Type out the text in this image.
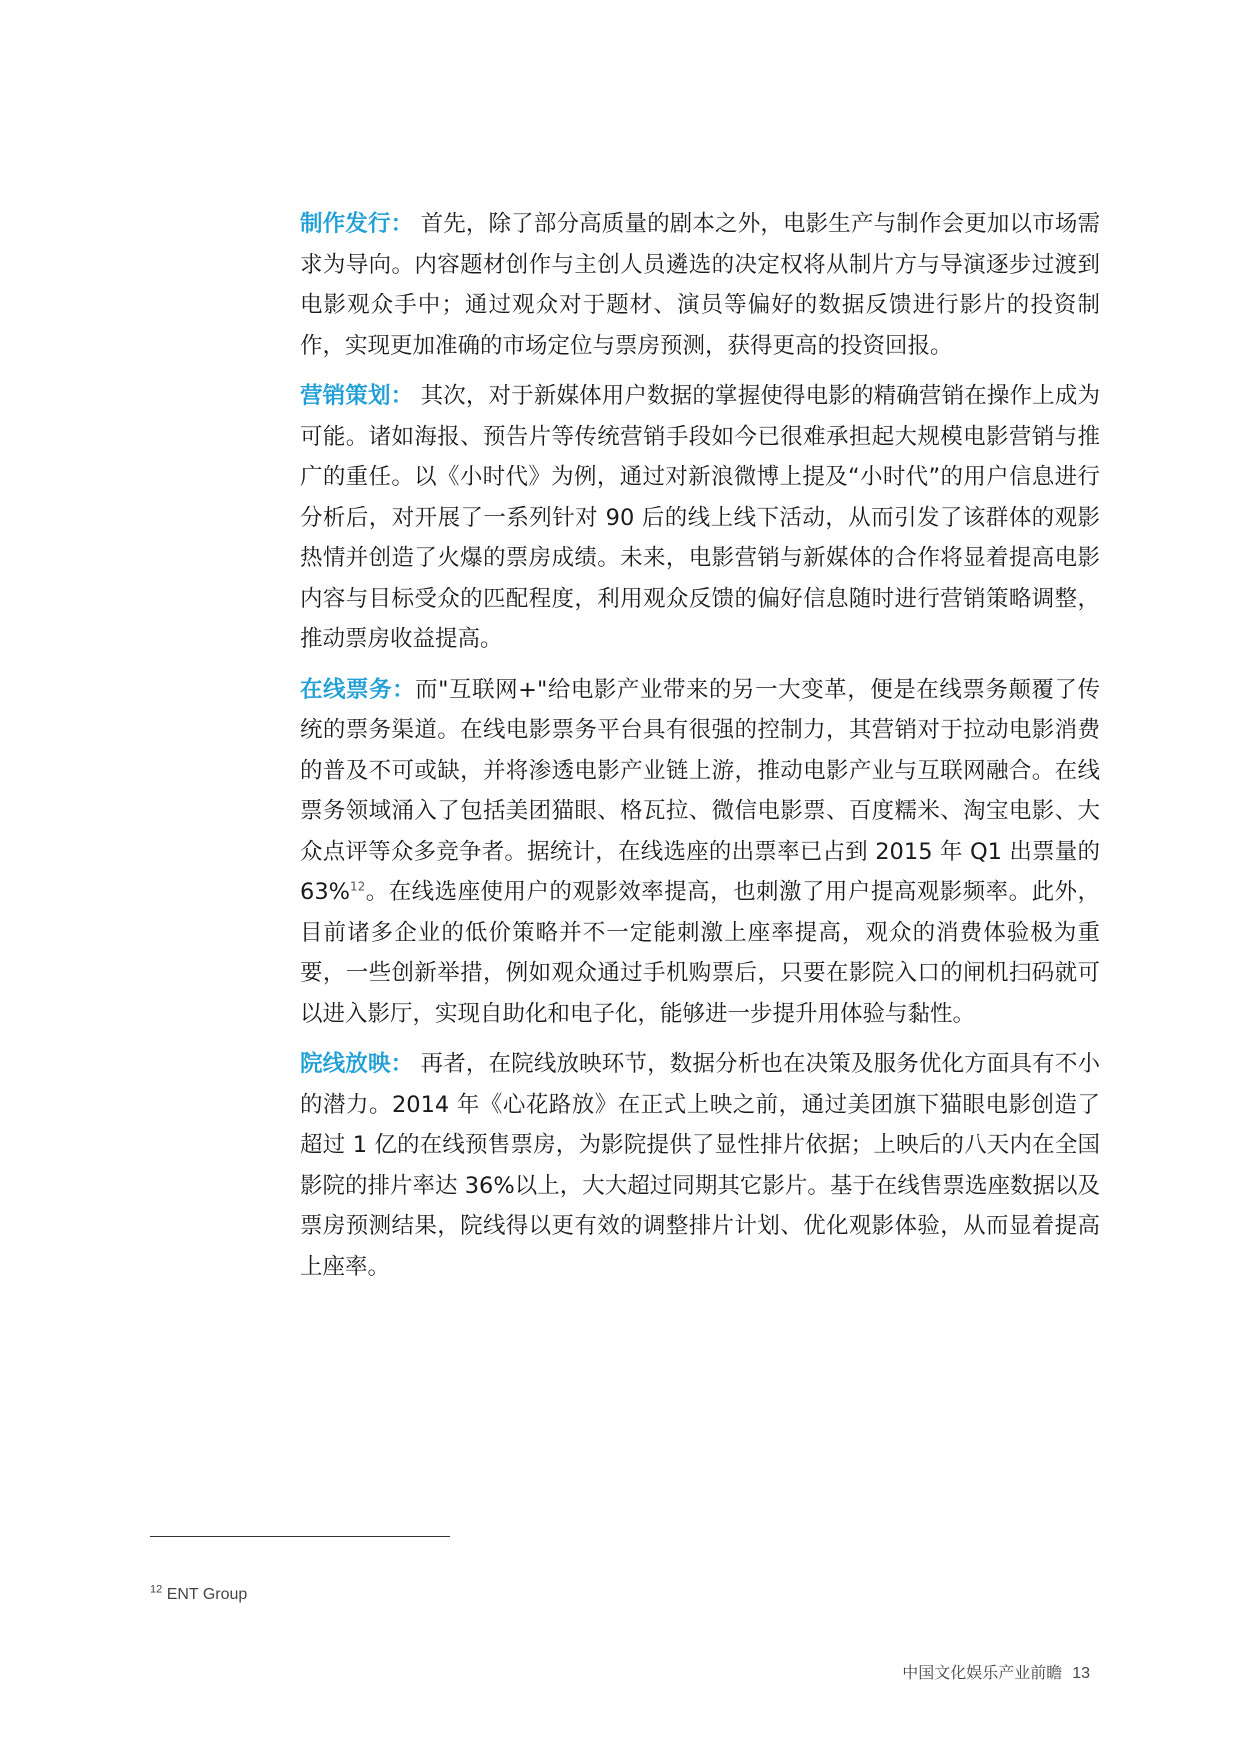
制作发行： 首先，除了部分高质量的剧本之外，电影生产与制作会更加以市场需求为导向。内容题材创作与主创人员遴选的决定权将从制片方与导演逐步过渡到电影观众手中；通过观众对于题材、演员等偏好的数据反馈进行影片的投资制作，实现更加准确的市场定位与票房预测，获得更高的投资回报。

营销策划： 其次，对于新媒体用户数据的掌握使得电影的精确营销在操作上成为可能。诸如海报、预告片等传统营销手段如今已很难承担起大规模电影营销与推广的重任。以《小时代》为例，通过对新浪微博上提及“小时代”的用户信息进行分析后，对开展了一系列针对 90 后的线上线下活动，从而引发了该群体的观影热情并创造了火爆的票房成绩。未来，电影营销与新媒体的合作将显着提高电影内容与目标受众的匹配程度，利用观众反馈的偏好信息随时进行营销策略调整，推动票房收益提高。

在线票务：而"互联网+"给电影产业带来的另一大变革，便是在线票务颠覆了传统的票务渠道。在线电影票务平台具有很强的控制力，其营销对于拉动电影消费的普及不可或缺，并将渗透电影产业链上游，推动电影产业与互联网融合。在线票务领域涌入了包括美团猫眼、格瓦拉、微信电影票、百度糯米、淘宝电影、大众点评等众多竞争者。据统计，在线选座的出票率已占到 2015 年 Q1 出票量的 63%$^{12}$。在线选座使用户的观影效率提高，也刺激了用户提高观影频率。此外，目前诸多企业的低价策略并不一定能刺激上座率提高，观众的消费体验极为重要，一些创新举措，例如观众通过手机购票后，只要在影院入口的闸机扫码就可以进入影厅，实现自助化和电子化，能够进一步提升用体验与黏性。

院线放映： 再者，在院线放映环节，数据分析也在决策及服务优化方面具有不小的潜力。2014 年《心花路放》在正式上映之前，通过美团旗下猫眼电影创造了超过 1 亿的在线预售票房，为影院提供了显性排片依据；上映后的八天内在全国影院的排片率达 36%以上，大大超过同期其它影片。基于在线售票选座数据以及票房预测结果，院线得以更有效的调整排片计划、优化观影体验，从而显着提高上座率。

$^{12}$ ENT Group
中国文化娱乐产业前瞻 13
